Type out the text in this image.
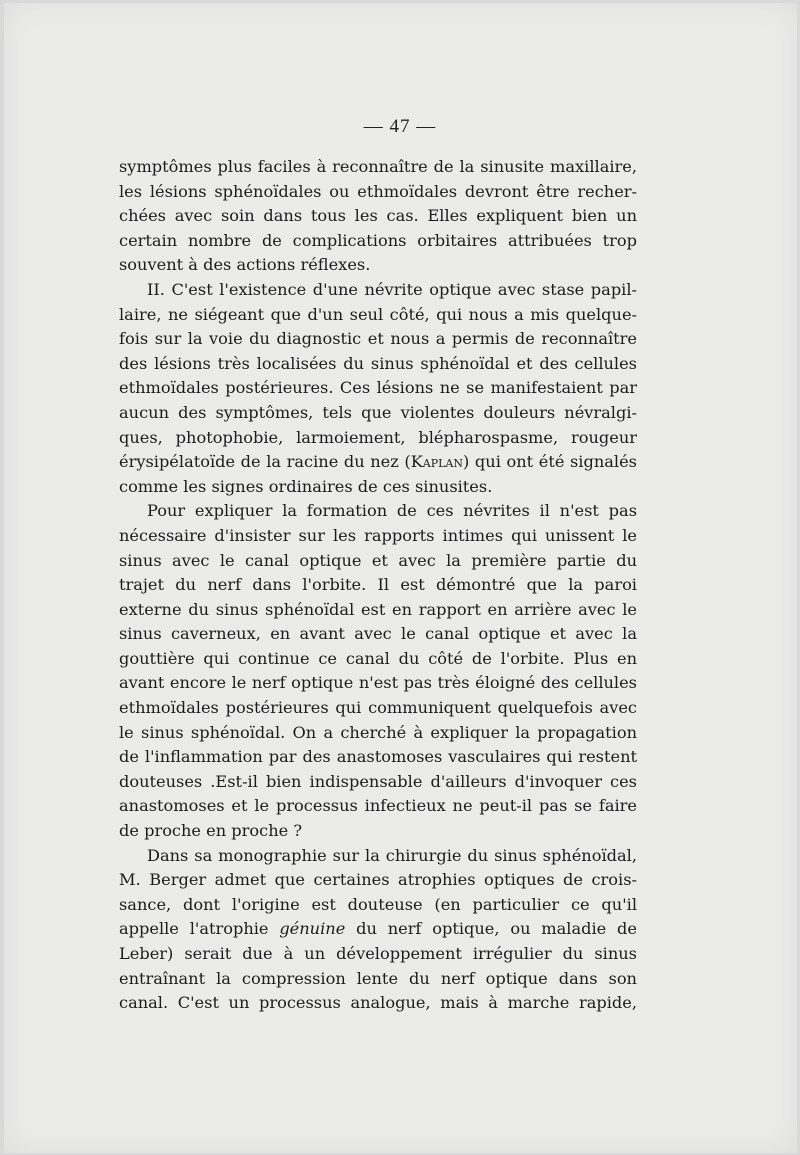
— 47 —
symptômes plus faciles à reconnaître de la sinusite maxillaire,
les lésions sphénoïdales ou ethmoïdales devront être recher-
chées avec soin dans tous les cas. Elles expliquent bien un
certain nombre de complications orbitaires attribuées trop
souvent à des actions réflexes.
II. C'est l'existence d'une névrite optique avec stase papil-
laire, ne siégeant que d'un seul côté, qui nous a mis quelque-
fois sur la voie du diagnostic et nous a permis de reconnaître
des lésions très localisées du sinus sphénoïdal et des cellules
ethmoïdales postérieures. Ces lésions ne se manifestaient par
aucun des symptômes, tels que violentes douleurs névralgi-
ques, photophobie, larmoiement, blépharospasme, rougeur
érysipélatoïde de la racine du nez (Kaplan) qui ont été signalés
comme les signes ordinaires de ces sinusites.
Pour expliquer la formation de ces névrites il n'est pas
nécessaire d'insister sur les rapports intimes qui unissent le
sinus avec le canal optique et avec la première partie du
trajet du nerf dans l'orbite. Il est démontré que la paroi
externe du sinus sphénoïdal est en rapport en arrière avec le
sinus caverneux, en avant avec le canal optique et avec la
gouttière qui continue ce canal du côté de l'orbite. Plus en
avant encore le nerf optique n'est pas très éloigné des cellules
ethmoïdales postérieures qui communiquent quelquefois avec
le sinus sphénoïdal. On a cherché à expliquer la propagation
de l'inflammation par des anastomoses vasculaires qui restent
douteuses .Est-il bien indispensable d'ailleurs d'invoquer ces
anastomoses et le processus infectieux ne peut-il pas se faire
de proche en proche ?
Dans sa monographie sur la chirurgie du sinus sphénoïdal,
M. Berger admet que certaines atrophies optiques de crois-
sance, dont l'origine est douteuse (en particulier ce qu'il
appelle l'atrophie génuine du nerf optique, ou maladie de
Leber) serait due à un développement irrégulier du sinus
entraînant la compression lente du nerf optique dans son
canal. C'est un processus analogue, mais à marche rapide,
